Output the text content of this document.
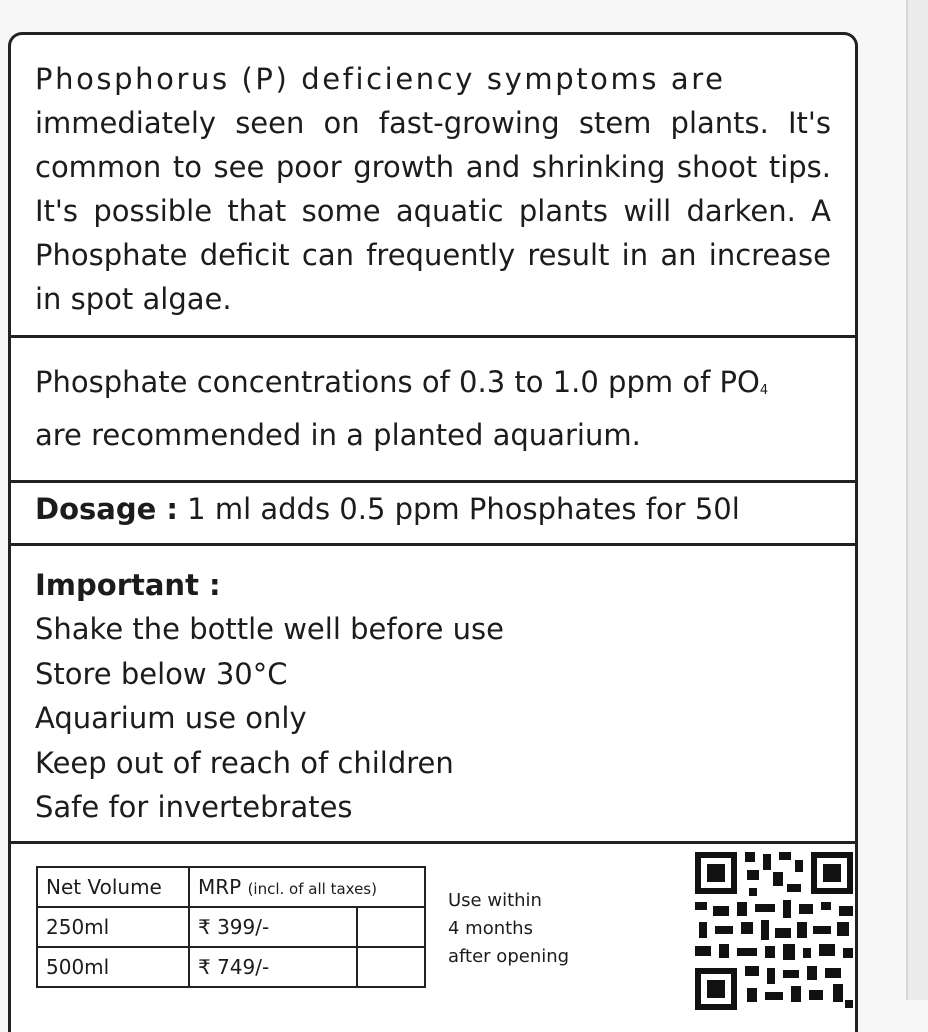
Phosphorus (P) deficiency symptoms are

immediately seen on fast-growing stem plants. It's common to see poor growth and shrinking shoot tips. It's possible that some aquatic plants will darken. A Phosphate deficit can frequently result in an increase in spot algae.

Phosphate concentrations of 0.3 to 1.0 ppm of $PO_4$
are recommended in a planted aquarium.

Dosage : 1 ml adds 0.5 ppm Phosphates for 50l

Important :

Shake the bottle well before use
Store below 30°C
Aquarium use only
Keep out of reach of children
Safe for invertebrates
Net Volume	MRP (incl. of all taxes)	
250ml	₹ 399/-	
500ml	₹ 749/-	
Use within
4 months
after opening
